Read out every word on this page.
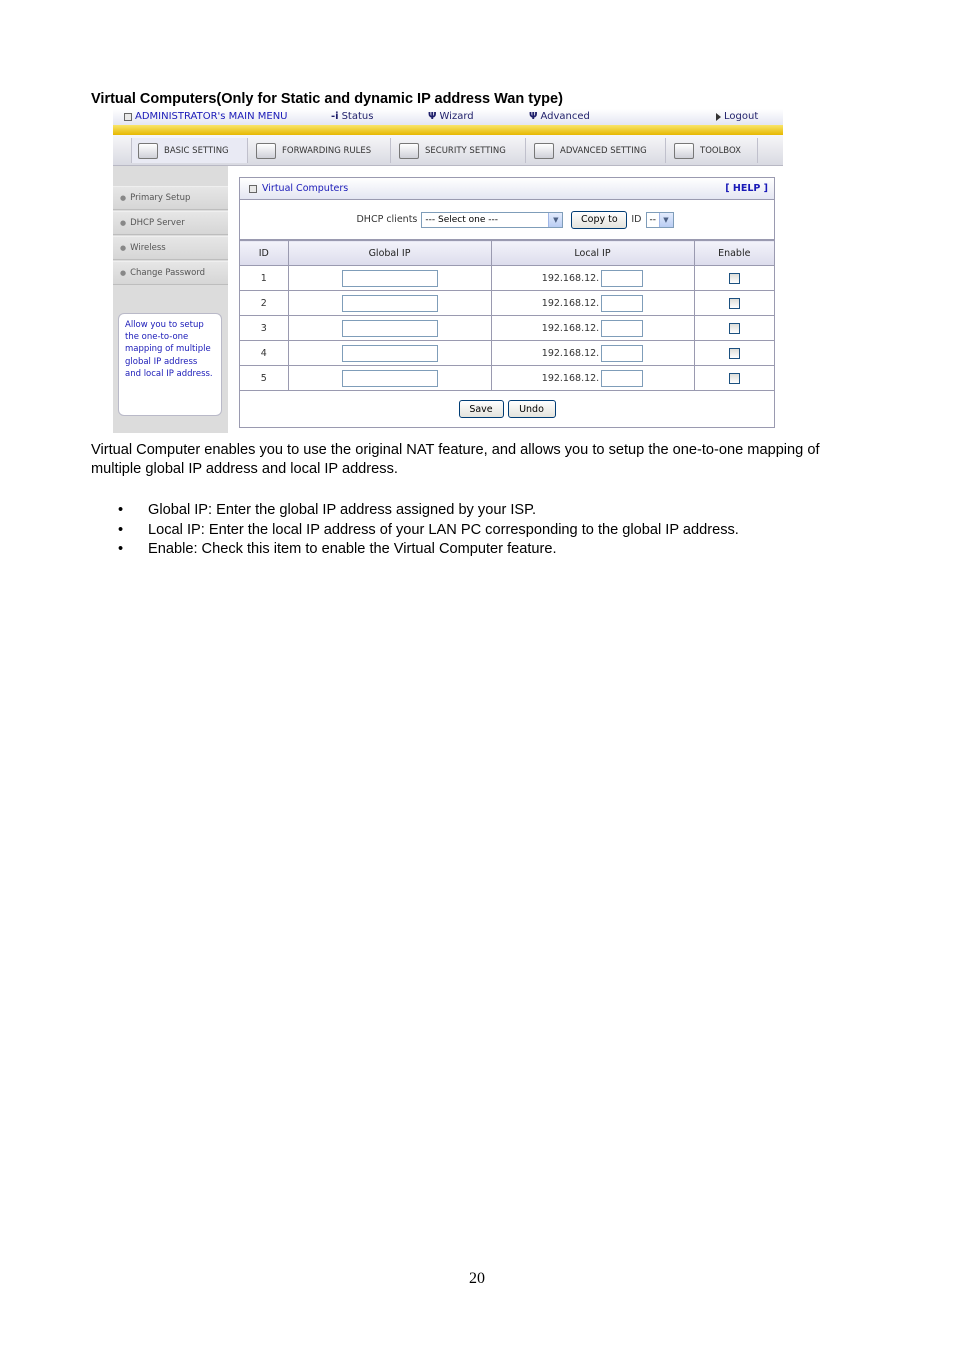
Virtual Computers(Only for Static and dynamic IP address Wan type)
ADMINISTRATOR's MAIN MENU	-i Status	Ψ Wizard	Ψ Advanced	Logout
BASIC SETTING	FORWARDING RULES	SECURITY SETTING	ADVANCED SETTING	TOOLBOX
● Primary Setup
● DHCP Server
● Wireless
● Change Password
Allow you to setup the one-to-one mapping of multiple global IP address and local IP address.
Virtual Computers	[ HELP ]
DHCP clients --- Select one ---	▼	Copy to	ID --	▼
ID	Global IP	Local IP	Enable
1		192.168.12.	

2		192.168.12.	

3		192.168.12.	

4		192.168.12.	

5		192.168.12.	

Save	Undo

Virtual Computer enables you to use the original NAT feature, and allows you to setup the one-to-one mapping of multiple global IP address and local IP address.

• Global IP: Enter the global IP address assigned by your ISP.
• Local IP: Enter the local IP address of your LAN PC corresponding to the global IP address.
• Enable: Check this item to enable the Virtual Computer feature.
20
